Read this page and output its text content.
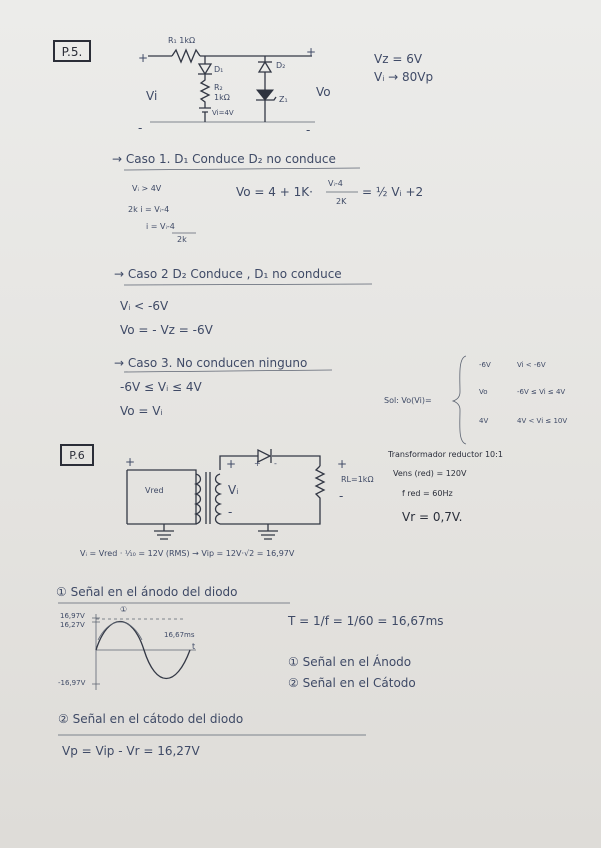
P.5.
R₁ 1kΩ
D₁	D₂
R₂
1kΩ
Vi=4V
Z₁
Vi	Vo
+	+
-	-
Vz = 6V
Vᵢ → 80Vp
→ Caso 1. D₁ Conduce D₂ no conduce
Vᵢ > 4V
2k i = Vᵢ-4
i = Vᵢ-4
2k
Vo = 4 + 1K·
Vᵢ-4
2K
= ½ Vᵢ +2
→ Caso 2 D₂ Conduce , D₁ no conduce
Vᵢ < -6V
Vo = - Vz = -6V
→ Caso 3. No conducen ninguno
-6V ≤ Vᵢ ≤ 4V
Vo = Vᵢ
Sol: Vo(Vi)=
-6V	Vi < -6V
Vo	-6V ≤ Vi ≤ 4V
4V	4V < Vi ≤ 10V
P.6	+
Vred
+
Vᵢ
-
+ -	+
RL=1kΩ
-
Transformador reductor 10:1
Vens (red) = 120V
f red = 60Hz
Vr = 0,7V.
Vᵢ = Vred · ¹⁄₁₀ = 12V (RMS) → Vip = 12V·√2 = 16,97V
① Señal en el ánodo del diodo
16,97V
16,27V
-16,97V
16,67ms
t
①
T = 1/f = 1/60 = 16,67ms
① Señal en el Ánodo
② Señal en el Cátodo
② Señal en el cátodo del diodo
Vp = Vip - Vr = 16,27V
